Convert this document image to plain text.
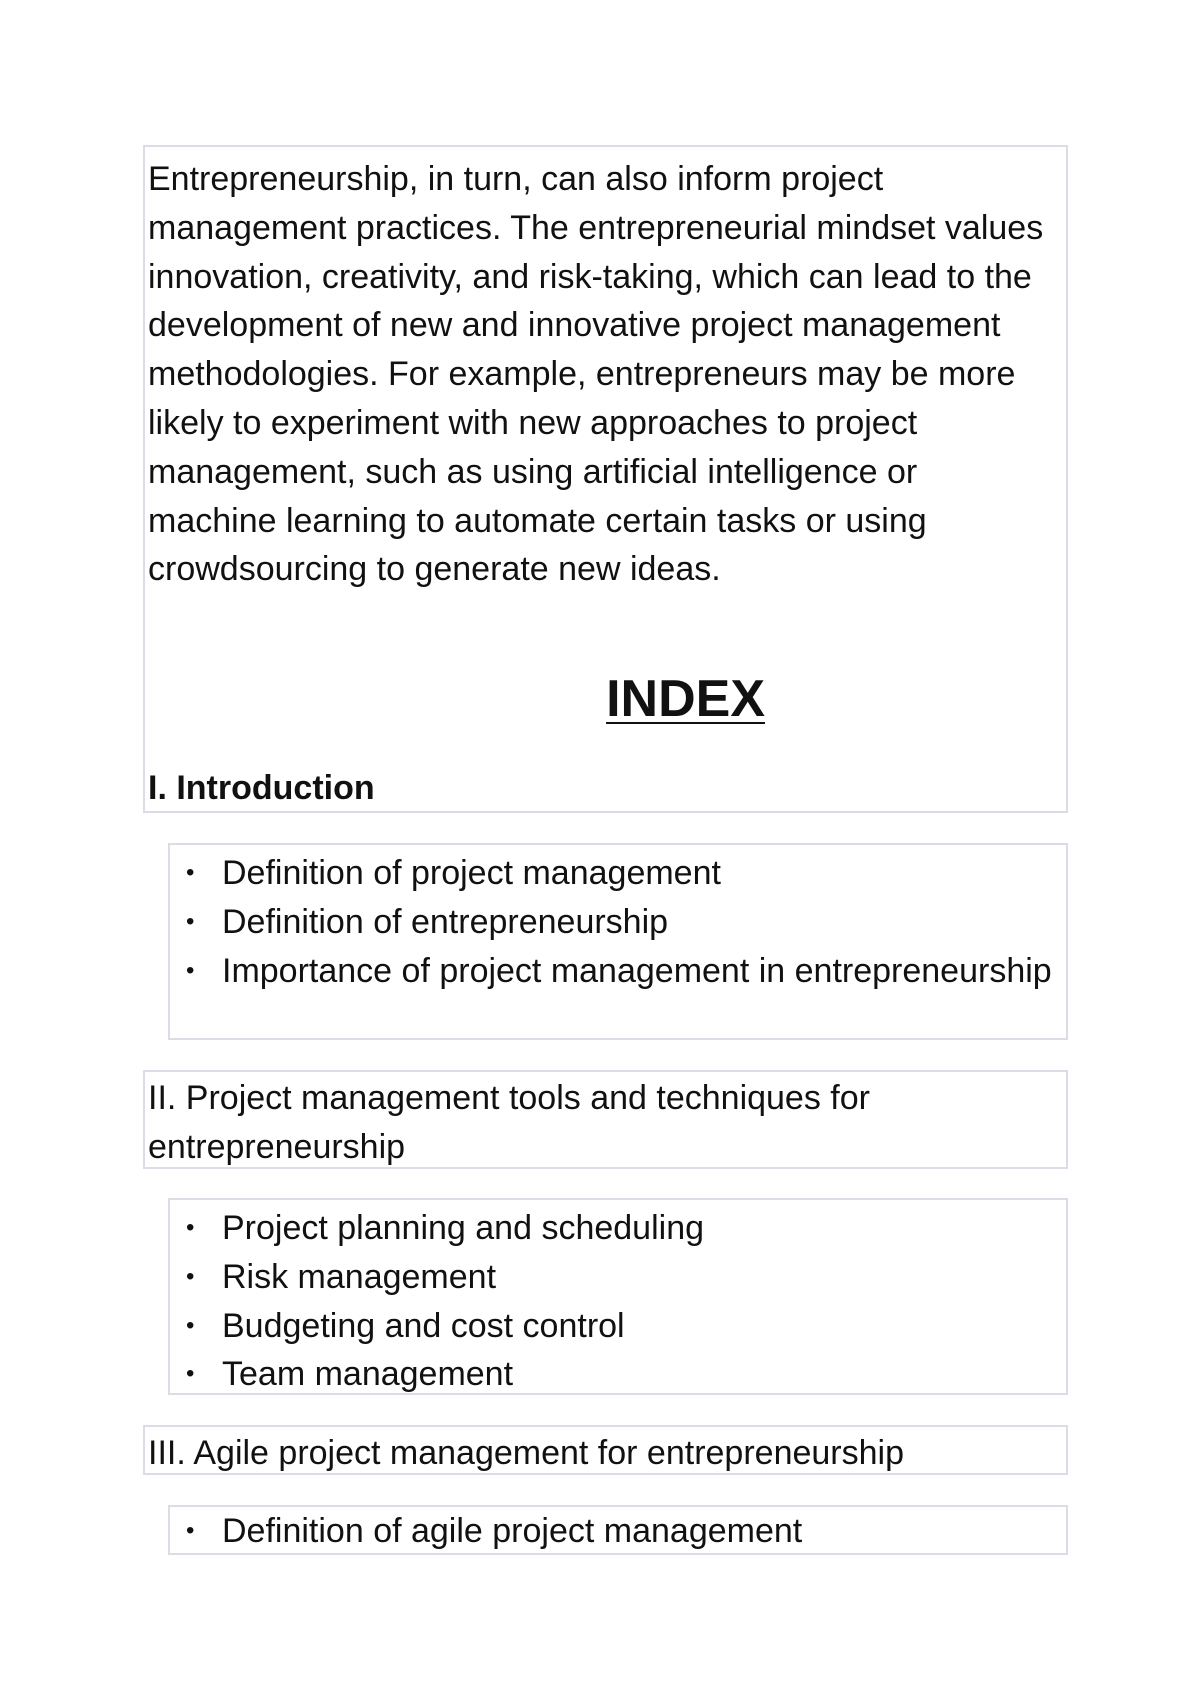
Entrepreneurship, in turn, can also inform project management practices. The entrepreneurial mindset values innovation, creativity, and risk-taking, which can lead to the development of new and innovative project management methodologies. For example, entrepreneurs may be more likely to experiment with new approaches to project management, such as using artificial intelligence or machine learning to automate certain tasks or using crowdsourcing to generate new ideas.

INDEX
I. Introduction
• Definition of project management
• Definition of entrepreneurship
• Importance of project management in entrepreneurship
II. Project management tools and techniques for entrepreneurship
• Project planning and scheduling
• Risk management
• Budgeting and cost control
• Team management
III. Agile project management for entrepreneurship
• Definition of agile project management
